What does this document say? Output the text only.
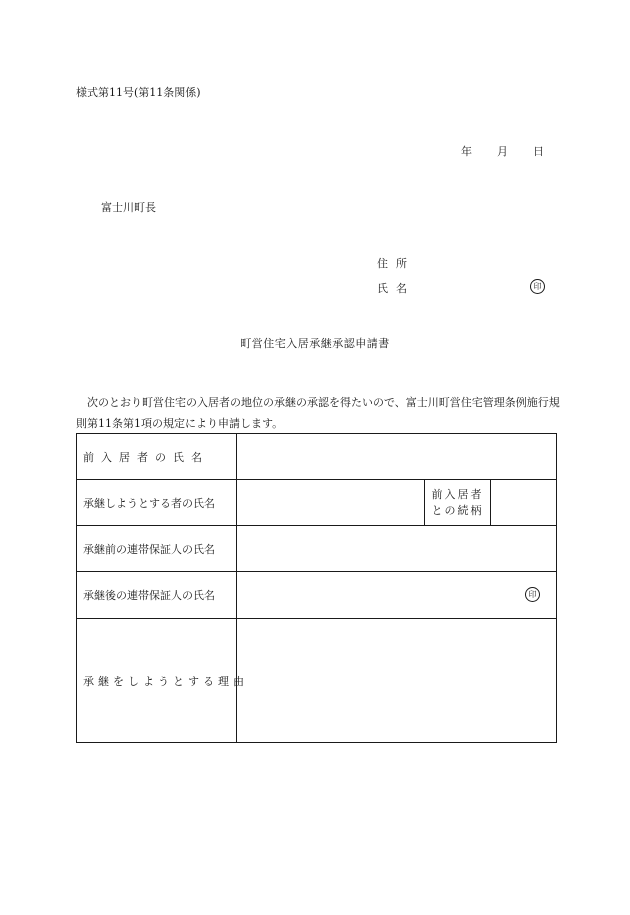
様式第11号(第11条関係)
年 月 日
富士川町長
住所
氏名	印
町営住宅入居承継承認申請書
次のとおり町営住宅の入居者の地位の承継の承認を得たいので、富士川町営住宅管理条例施行規則第11条第1項の規定により申請します。
前入居者の氏名			
承継しようとする者の氏名		前入居者
との続柄	

承継前の連帯保証人の氏名			
承継後の連帯保証人の氏名	印		

承継をしようとする理由			
